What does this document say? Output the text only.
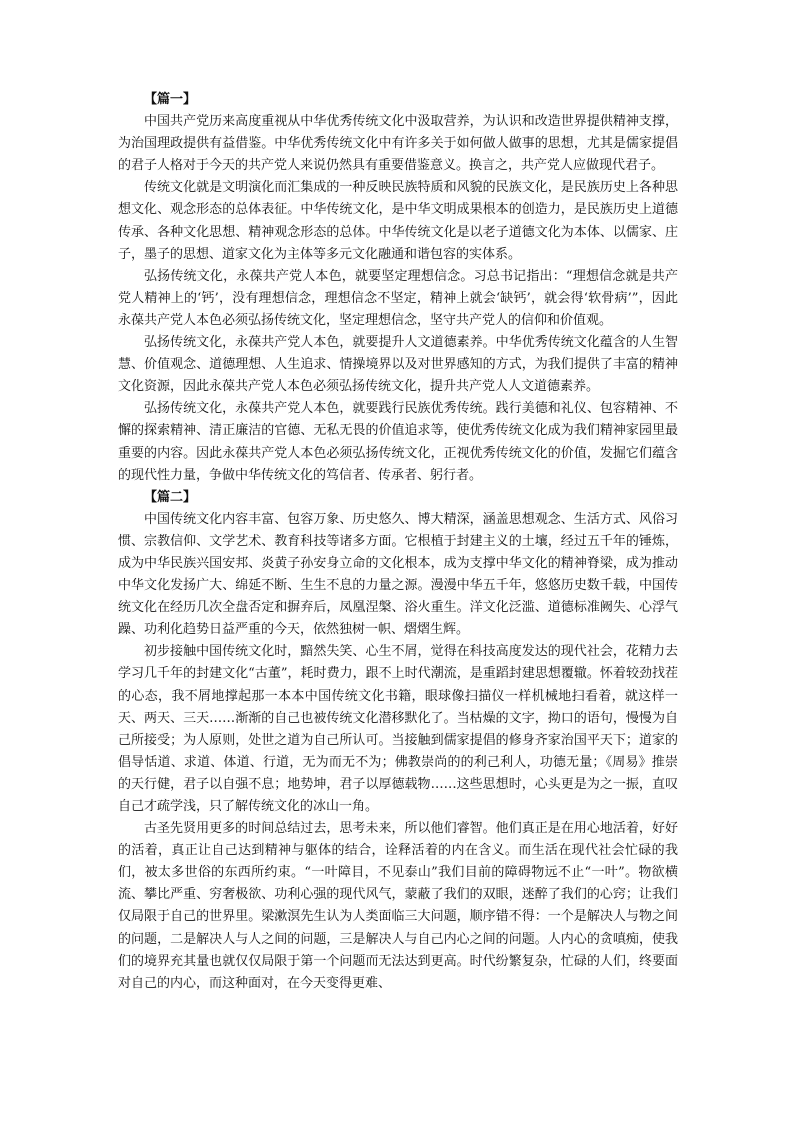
【篇一】

中国共产党历来高度重视从中华优秀传统文化中汲取营养，为认识和改造世界提供精神支撑，为治国理政提供有益借鉴。中华优秀传统文化中有许多关于如何做人做事的思想，尤其是儒家提倡的君子人格对于今天的共产党人来说仍然具有重要借鉴意义。换言之，共产党人应做现代君子。

传统文化就是文明演化而汇集成的一种反映民族特质和风貌的民族文化，是民族历史上各种思想文化、观念形态的总体表征。中华传统文化，是中华文明成果根本的创造力，是民族历史上道德传承、各种文化思想、精神观念形态的总体。中华传统文化是以老子道德文化为本体、以儒家、庄子，墨子的思想、道家文化为主体等多元文化融通和谐包容的实体系。

弘扬传统文化，永葆共产党人本色，就要坚定理想信念。习总书记指出：“理想信念就是共产党人精神上的‘钙’，没有理想信念，理想信念不坚定，精神上就会‘缺钙’，就会得‘软骨病’”，因此永葆共产党人本色必须弘扬传统文化，坚定理想信念，坚守共产党人的信仰和价值观。

弘扬传统文化，永葆共产党人本色，就要提升人文道德素养。中华优秀传统文化蕴含的人生智慧、价值观念、道德理想、人生追求、情操境界以及对世界感知的方式，为我们提供了丰富的精神文化资源，因此永葆共产党人本色必须弘扬传统文化，提升共产党人人文道德素养。

弘扬传统文化，永葆共产党人本色，就要践行民族优秀传统。践行美德和礼仪、包容精神、不懈的探索精神、清正廉洁的官德、无私无畏的价值追求等，使优秀传统文化成为我们精神家园里最重要的内容。因此永葆共产党人本色必须弘扬传统文化，正视优秀传统文化的价值，发掘它们蕴含的现代性力量，争做中华传统文化的笃信者、传承者、躬行者。

【篇二】

中国传统文化内容丰富、包容万象、历史悠久、博大精深，涵盖思想观念、生活方式、风俗习惯、宗教信仰、文学艺术、教育科技等诸多方面。它根植于封建主义的土壤，经过五千年的锤炼，成为中华民族兴国安邦、炎黄子孙安身立命的文化根本，成为支撑中华文化的精神脊梁，成为推动中华文化发扬广大、绵延不断、生生不息的力量之源。漫漫中华五千年，悠悠历史数千载，中国传统文化在经历几次全盘否定和摒弃后，凤凰涅槃、浴火重生。洋文化泛滥、道德标准阙失、心浮气躁、功利化趋势日益严重的今天，依然独树一帜、熠熠生辉。

初步接触中国传统文化时，黯然失笑、心生不屑，觉得在科技高度发达的现代社会，花精力去学习几千年的封建文化“古董”，耗时费力，跟不上时代潮流，是重蹈封建思想覆辙。怀着较劲找茬的心态，我不屑地撑起那一本本中国传统文化书籍，眼球像扫描仪一样机械地扫看着，就这样一天、两天、三天……渐渐的自己也被传统文化潜移默化了。当枯燥的文字，拗口的语句，慢慢为自己所接受；为人原则，处世之道为自己所认可。当接触到儒家提倡的修身齐家治国平天下；道家的倡导恬道、求道、体道、行道，无为而无不为；佛教崇尚的的利己利人，功德无量；《周易》推崇的天行健，君子以自强不息；地势坤，君子以厚德载物……这些思想时，心头更是为之一振，直叹自己才疏学浅，只了解传统文化的冰山一角。

古圣先贤用更多的时间总结过去，思考未来，所以他们睿智。他们真正是在用心地活着，好好的活着，真正让自己达到精神与躯体的结合，诠释活着的内在含义。而生活在现代社会忙碌的我们，被太多世俗的东西所约束。“一叶障目，不见泰山”我们目前的障碍物远不止“一叶”。物欲横流、攀比严重、穷奢极欲、功利心强的现代风气，蒙蔽了我们的双眼，迷醉了我们的心窍；让我们仅局限于自己的世界里。梁漱溟先生认为人类面临三大问题，顺序错不得：一个是解决人与物之间的问题，二是解决人与人之间的问题，三是解决人与自己内心之间的问题。人内心的贪嗔痴，使我们的境界充其量也就仅仅局限于第一个问题而无法达到更高。时代纷繁复杂，忙碌的人们，终要面对自己的内心，而这种面对，在今天变得更难、
